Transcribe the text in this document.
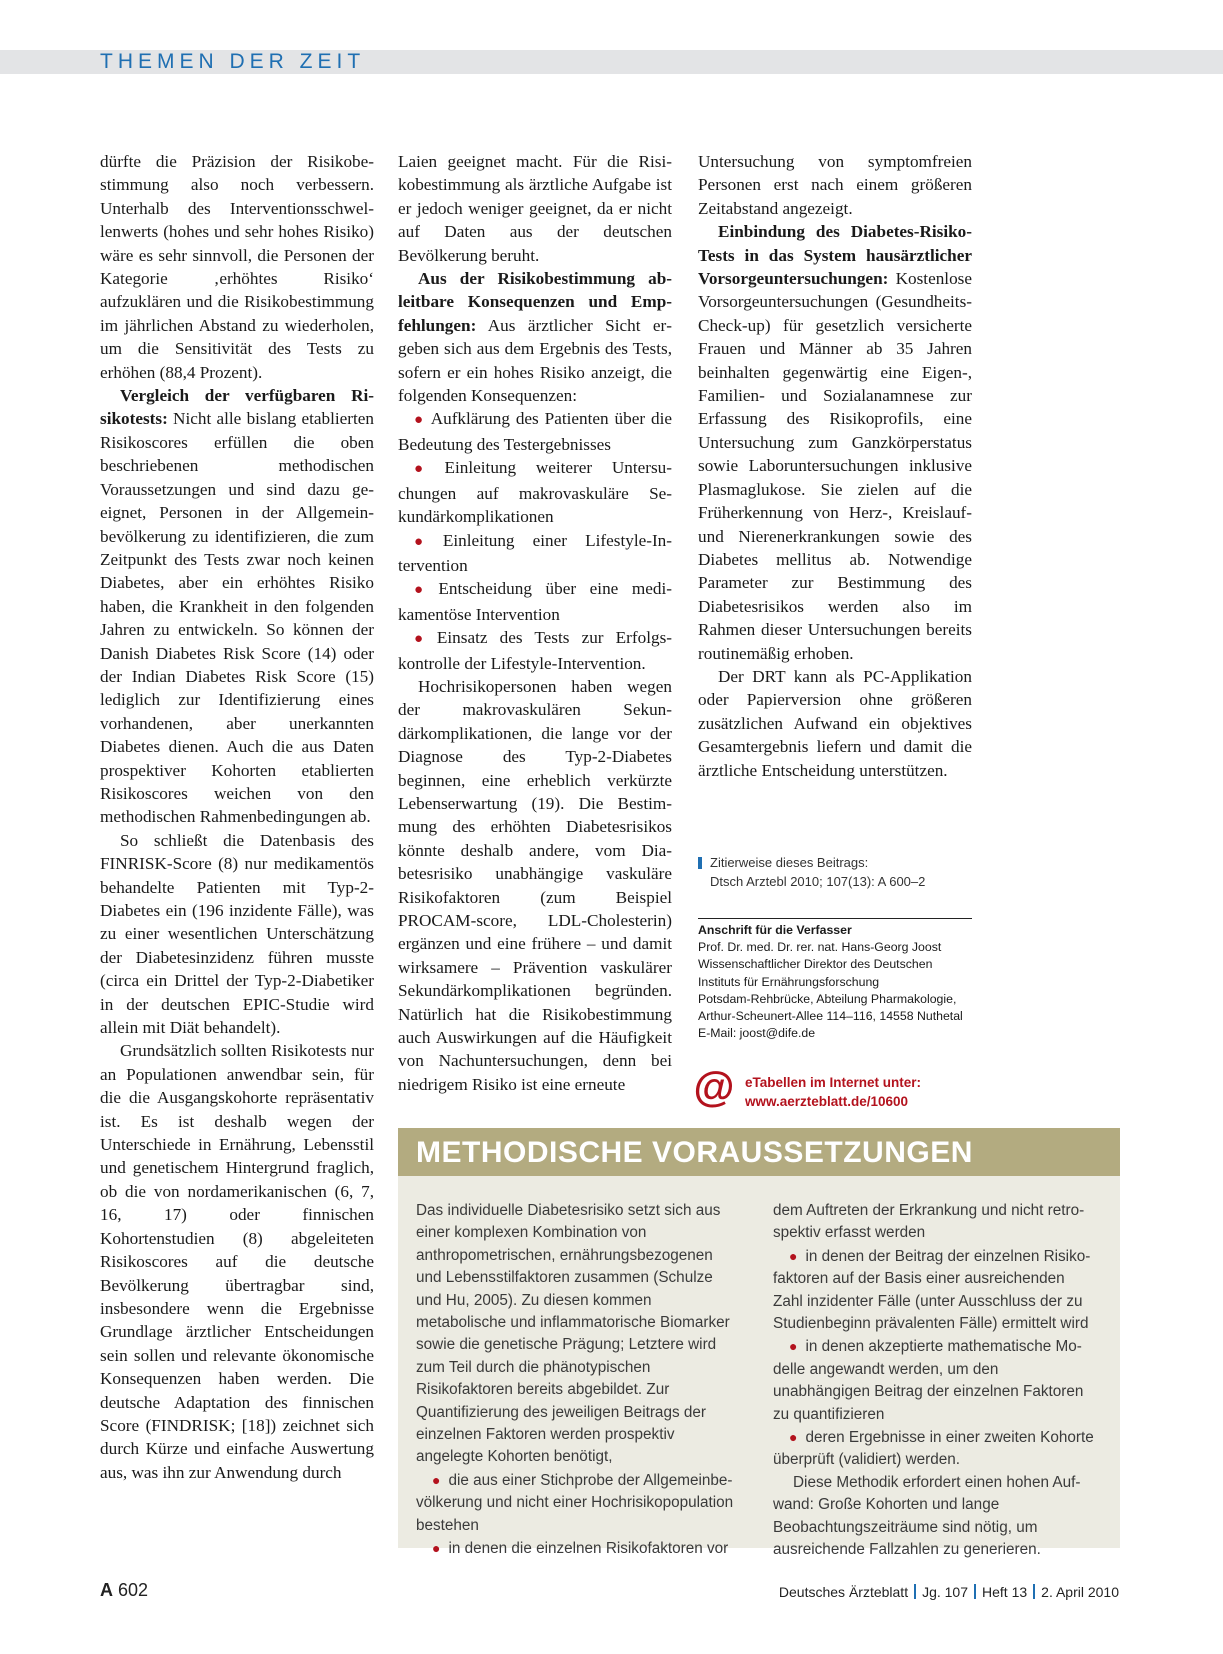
THEMEN DER ZEIT

dürfte die Präzision der Risikobestimmung also noch verbessern. Unterhalb des Interventionsschwellenwerts (hohes und sehr hohes Risiko) wäre es sehr sinnvoll, die Personen der Kategorie ‚erhöhtes Risiko‘ aufzuklären und die Risikobestimmung im jährlichen Abstand zu wiederholen, um die Sensitivität des Tests zu erhöhen (88,4 Prozent).

Vergleich der verfügbaren Risikotests: Nicht alle bislang etablierten Risikoscores erfüllen die oben beschriebenen methodischen Voraussetzungen und sind dazu geeignet, Personen in der Allgemeinbevölkerung zu identifizieren, die zum Zeitpunkt des Tests zwar noch keinen Diabetes, aber ein erhöhtes Risiko haben, die Krankheit in den folgenden Jahren zu entwickeln. So können der Danish Diabetes Risk Score (14) oder der Indian Diabetes Risk Score (15) lediglich zur Identifizierung eines vorhandenen, aber unerkannten Diabetes dienen. Auch die aus Daten prospektiver Kohorten etablierten Risikoscores weichen von den methodischen Rahmenbedingungen ab.

So schließt die Datenbasis des FINRISK-Score (8) nur medikamentös behandelte Patienten mit Typ-2-Diabetes ein (196 inzidente Fälle), was zu einer wesentlichen Unterschätzung der Diabetesinzidenz führen musste (circa ein Drittel der Typ-2-Diabetiker in der deutschen EPIC-Studie wird allein mit Diät behandelt).

Grundsätzlich sollten Risikotests nur an Populationen anwendbar sein, für die die Ausgangskohorte repräsentativ ist. Es ist deshalb wegen der Unterschiede in Ernährung, Lebensstil und genetischem Hintergrund fraglich, ob die von nordamerikanischen (6, 7, 16, 17) oder finnischen Kohortenstudien (8) abgeleiteten Risikoscores auf die deutsche Bevölkerung übertragbar sind, insbesondere wenn die Ergebnisse Grundlage ärztlicher Entscheidungen sein sollen und relevante ökonomische Konsequenzen haben werden. Die deutsche Adaptation des finnischen Score (FINDRISK; [18]) zeichnet sich durch Kürze und einfache Auswertung aus, was ihn zur Anwendung durch

Laien geeignet macht. Für die Risikobestimmung als ärztliche Aufgabe ist er jedoch weniger geeignet, da er nicht auf Daten aus der deutschen Bevölkerung beruht.

Aus der Risikobestimmung ableitbare Konsequenzen und Empfehlungen: Aus ärztlicher Sicht ergeben sich aus dem Ergebnis des Tests, sofern er ein hohes Risiko anzeigt, die folgenden Konsequenzen:

● Aufklärung des Patienten über die Bedeutung des Testergebnisses

● Einleitung weiterer Untersuchungen auf makrovaskuläre Sekundärkomplikationen

● Einleitung einer Lifestyle-Intervention

● Entscheidung über eine medikamentöse Intervention

● Einsatz des Tests zur Erfolgskontrolle der Lifestyle-Intervention.

Hochrisikopersonen haben wegen der makrovaskulären Sekundärkomplikationen, die lange vor der Diagnose des Typ-2-Diabetes beginnen, eine erheblich verkürzte Lebenserwartung (19). Die Bestimmung des erhöhten Diabetesrisikos könnte deshalb andere, vom Diabetesrisiko unabhängige vaskuläre Risikofaktoren (zum Beispiel PROCAM-score, LDL-Cholesterin) ergänzen und eine frühere – und damit wirksamere – Prävention vaskulärer Sekundärkomplikationen begründen. Natürlich hat die Risikobestimmung auch Auswirkungen auf die Häufigkeit von Nachuntersuchungen, denn bei niedrigem Risiko ist eine erneute

Untersuchung von symptomfreien Personen erst nach einem größeren Zeitabstand angezeigt.

Einbindung des Diabetes-Risiko-Tests in das System hausärztlicher Vorsorgeuntersuchungen: Kostenlose Vorsorgeuntersuchungen (Gesundheits-Check-up) für gesetzlich versicherte Frauen und Männer ab 35 Jahren beinhalten gegenwärtig eine Eigen-, Familien- und Sozialanamnese zur Erfassung des Risikoprofils, eine Untersuchung zum Ganzkörperstatus sowie Laboruntersuchungen inklusive Plasmaglukose. Sie zielen auf die Früherkennung von Herz-, Kreislauf- und Nierenerkrankungen sowie des Diabetes mellitus ab. Notwendige Parameter zur Bestimmung des Diabetesrisikos werden also im Rahmen dieser Untersuchungen bereits routinemäßig erhoben.

Der DRT kann als PC-Applikation oder Papierversion ohne größeren zusätzlichen Aufwand ein objektives Gesamtergebnis liefern und damit die ärztliche Entscheidung unterstützen.

Zitierweise dieses Beitrags:
Dtsch Arztebl 2010; 107(13): A 600–2
Anschrift für die Verfasser
Prof. Dr. med. Dr. rer. nat. Hans-Georg Joost
Wissenschaftlicher Direktor des Deutschen
Instituts für Ernährungsforschung
Potsdam-Rehbrücke, Abteilung Pharmakologie,
Arthur-Scheunert-Allee 114–116, 14558 Nuthetal
E-Mail: joost@dife.de
@ eTabellen im Internet unter:
www.aerzteblatt.de/10600
METHODISCHE VORAUSSETZUNGEN

Das individuelle Diabetesrisiko setzt sich aus einer komplexen Kombination von anthropometrischen, ernährungsbezogenen und Lebensstilfaktoren zusammen (Schulze und Hu, 2005). Zu diesen kommen metabolische und inflammatorische Biomarker sowie die genetische Prägung; Letztere wird zum Teil durch die phänotypischen Risikofaktoren bereits abgebildet. Zur Quantifizierung des jeweiligen Beitrags der einzelnen Faktoren werden prospektiv angelegte Kohorten benötigt,

● die aus einer Stichprobe der Allgemeinbevölkerung und nicht einer Hochrisikopopulation bestehen

● in denen die einzelnen Risikofaktoren vor

dem Auftreten der Erkrankung und nicht retrospektiv erfasst werden

● in denen der Beitrag der einzelnen Risikofaktoren auf der Basis einer ausreichenden Zahl inzidenter Fälle (unter Ausschluss der zu Studienbeginn prävalenten Fälle) ermittelt wird

● in denen akzeptierte mathematische Modelle angewandt werden, um den unabhängigen Beitrag der einzelnen Faktoren zu quantifizieren

● deren Ergebnisse in einer zweiten Kohorte überprüft (validiert) werden.

Diese Methodik erfordert einen hohen Aufwand: Große Kohorten und lange Beobachtungszeiträume sind nötig, um ausreichende Fallzahlen zu generieren.

A 602	Deutsches Ärzteblatt Jg. 107 Heft 13 2. April 2010
